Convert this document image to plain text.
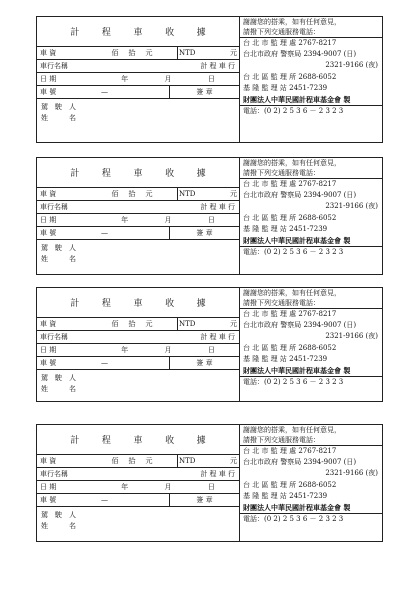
計	程	車	收	據
車 資	佰拾元	NTD	元
車行名稱	計 程 車 行
日 期	年	月	日
車 號	—	簽 章
駕　駛　人
姓　　　名
謝謝您的搭乘，如有任何意見，
請撥下列交通服務電話：
台 北 市 監 理 處 2767-8217
台北市政府 警察局 2394-9007 (日)
2321-9166 (夜)
台 北 區 監 理 所 2688-6052
基 隆 監 理 站 2451-7239
財團法人中華民國計程車基金會 製
電話：(0 2) 2 5 3 6 － 2 3 2 3
計	程	車	收	據
車 資	佰拾元	NTD	元
車行名稱	計 程 車 行
日 期	年	月	日
車 號	—	簽 章
駕　駛　人
姓　　　名
謝謝您的搭乘，如有任何意見，
請撥下列交通服務電話：
台 北 市 監 理 處 2767-8217
台北市政府 警察局 2394-9007 (日)
2321-9166 (夜)
台 北 區 監 理 所 2688-6052
基 隆 監 理 站 2451-7239
財團法人中華民國計程車基金會 製
電話：(0 2) 2 5 3 6 － 2 3 2 3
計	程	車	收	據
車 資	佰拾元	NTD	元
車行名稱	計 程 車 行
日 期	年	月	日
車 號	—	簽 章
駕　駛　人
姓　　　名
謝謝您的搭乘，如有任何意見，
請撥下列交通服務電話：
台 北 市 監 理 處 2767-8217
台北市政府 警察局 2394-9007 (日)
2321-9166 (夜)
台 北 區 監 理 所 2688-6052
基 隆 監 理 站 2451-7239
財團法人中華民國計程車基金會 製
電話：(0 2) 2 5 3 6 － 2 3 2 3
計	程	車	收	據
車 資	佰拾元	NTD	元
車行名稱	計 程 車 行
日 期	年	月	日
車 號	—	簽 章
駕　駛　人
姓　　　名
謝謝您的搭乘，如有任何意見，
請撥下列交通服務電話：
台 北 市 監 理 處 2767-8217
台北市政府 警察局 2394-9007 (日)
2321-9166 (夜)
台 北 區 監 理 所 2688-6052
基 隆 監 理 站 2451-7239
財團法人中華民國計程車基金會 製
電話：(0 2) 2 5 3 6 － 2 3 2 3
